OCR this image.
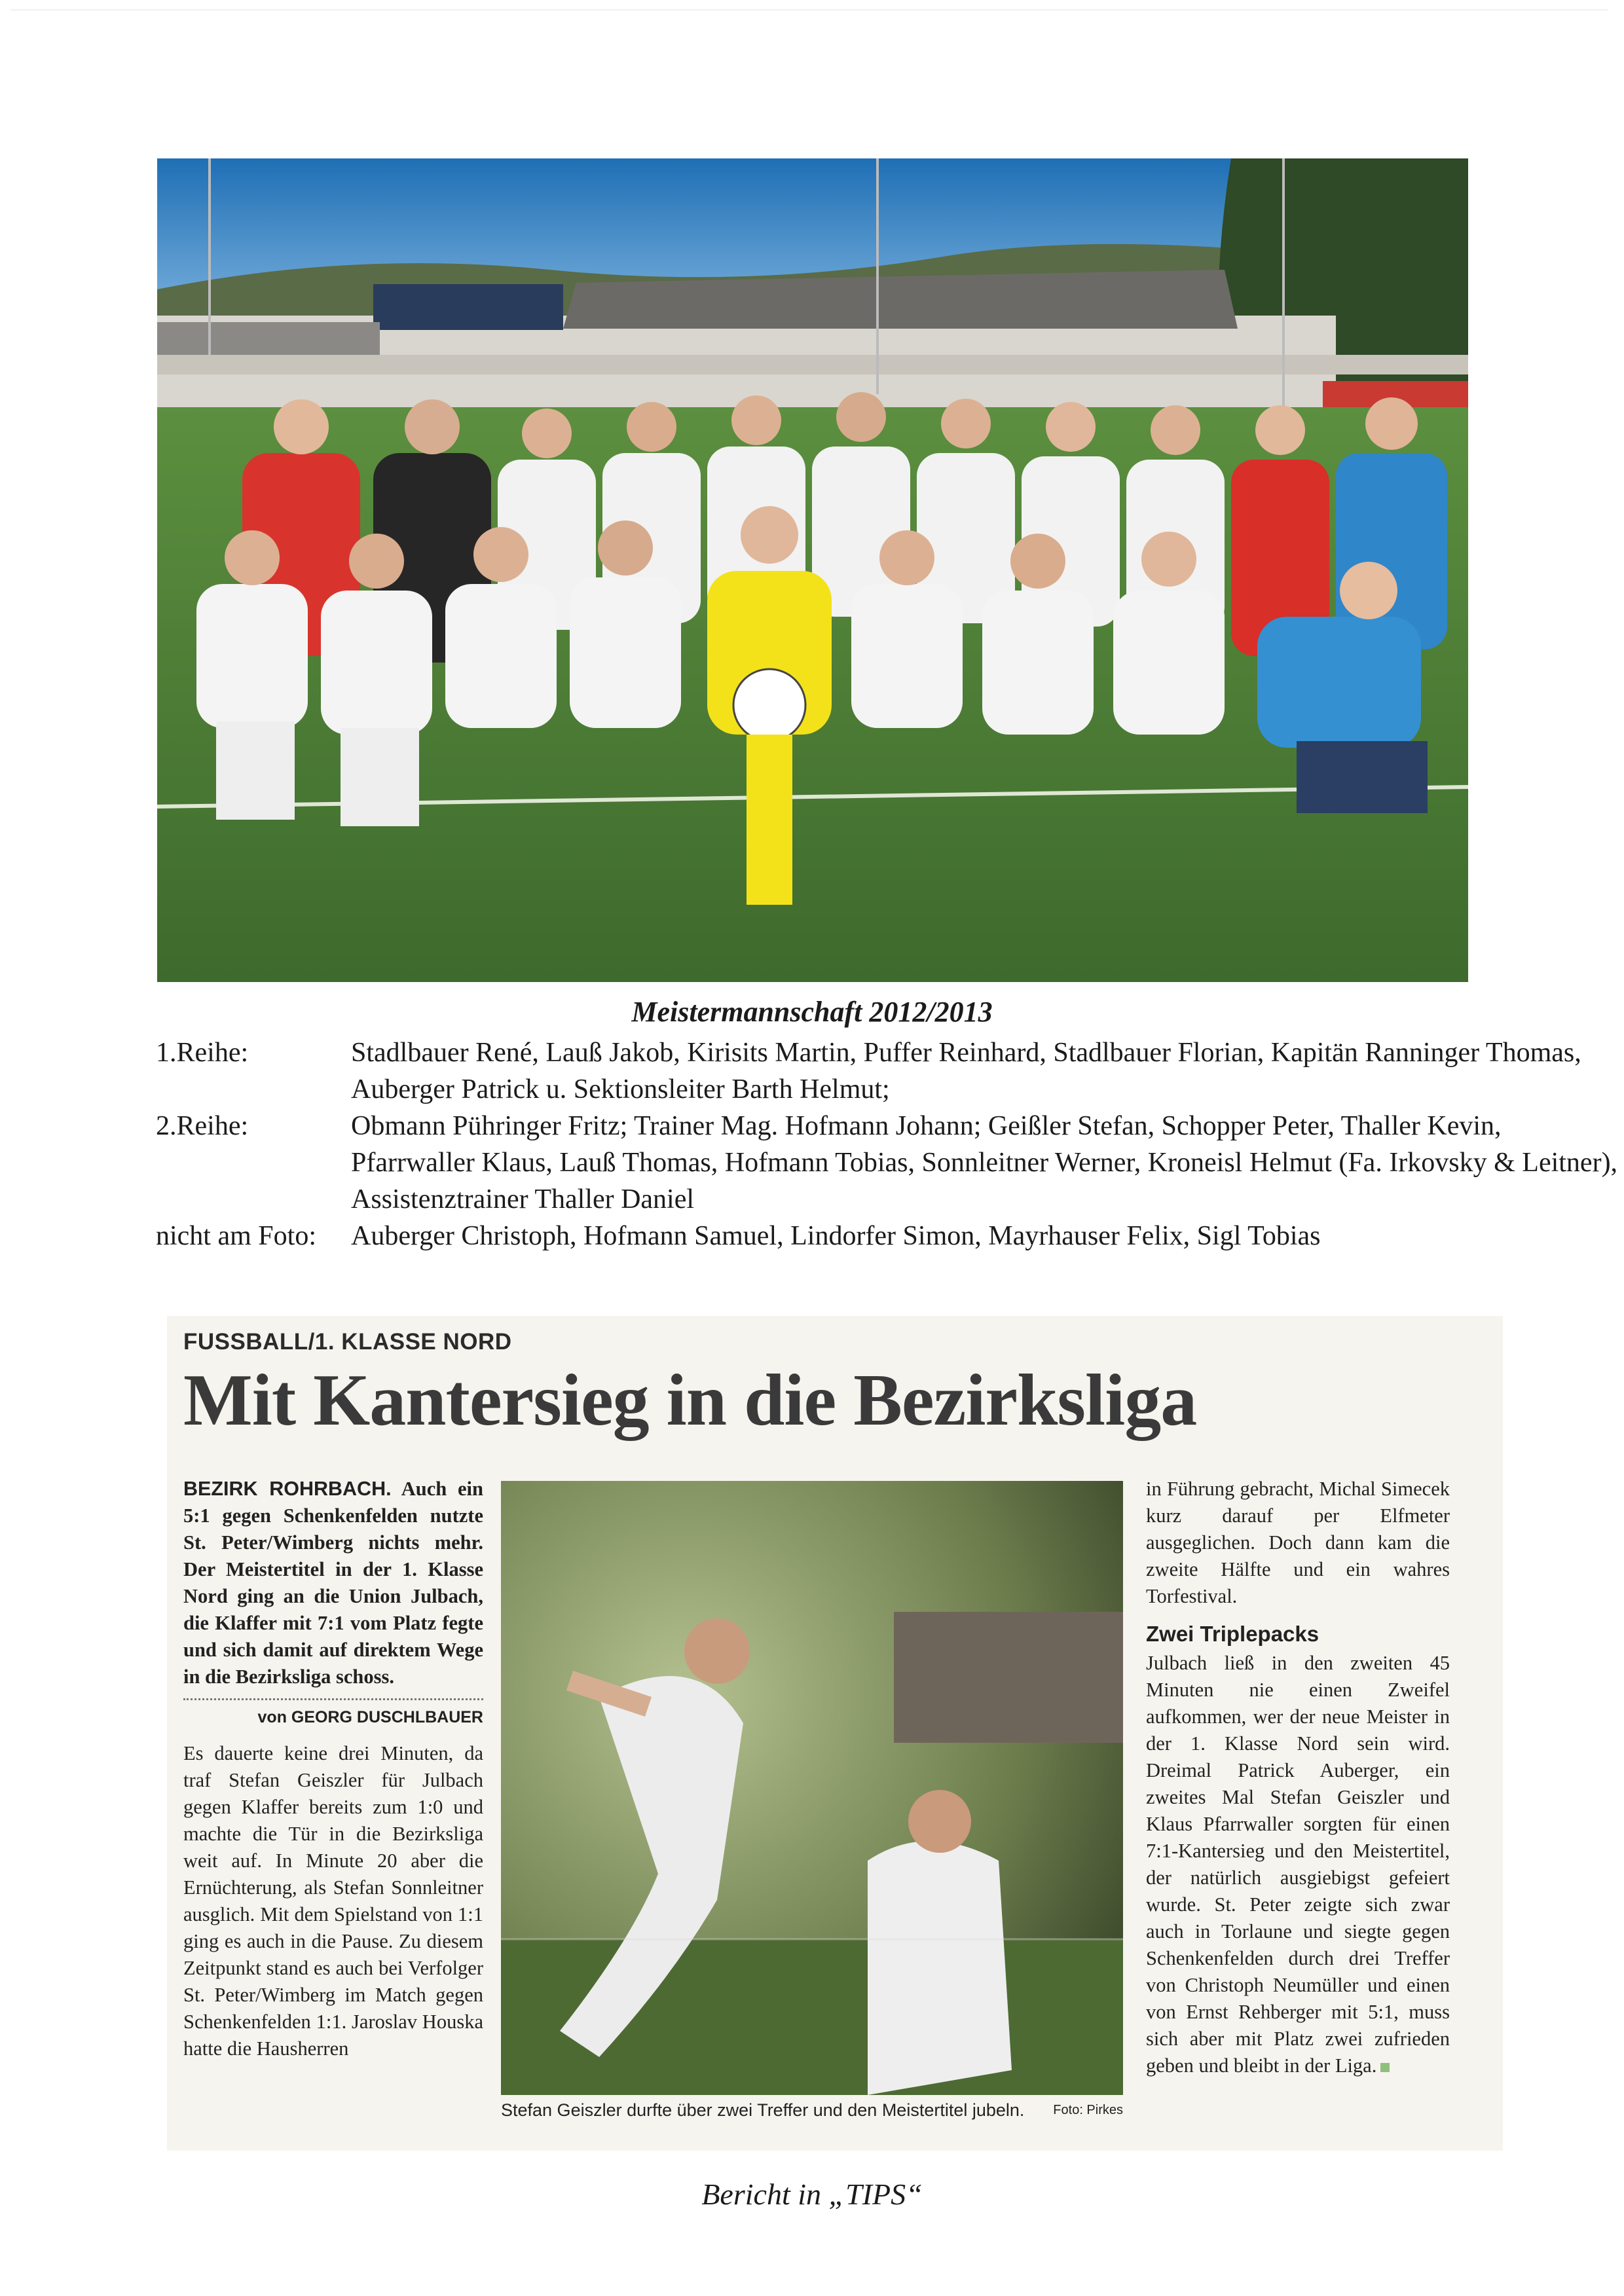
Meistermannschaft 2012/2013
1.Reihe:	Stadlbauer René, Lauß Jakob, Kirisits Martin, Puffer Reinhard, Stadlbauer Florian, Kapitän Ranninger Thomas, Auberger Patrick u. Sektionsleiter Barth Helmut;
2.Reihe:	Obmann Pühringer Fritz; Trainer Mag. Hofmann Johann; Geißler Stefan, Schopper Peter, Thaller Kevin, Pfarrwaller Klaus, Lauß Thomas, Hofmann Tobias, Sonnleitner Werner, Kroneisl Helmut (Fa. Irkovsky & Leitner), Assistenztrainer Thaller Daniel
nicht am Foto:	Auberger Christoph, Hofmann Samuel, Lindorfer Simon, Mayrhauser Felix, Sigl Tobias
FUSSBALL/1. KLASSE NORD
Mit Kantersieg in die Bezirksliga
BEZIRK ROHRBACH. Auch ein 5:1 gegen Schenkenfelden nutzte St. Peter/Wimberg nichts mehr. Der Meistertitel in der 1. Klasse Nord ging an die Union Julbach, die Klaffer mit 7:1 vom Platz fegte und sich damit auf direktem Wege in die Bezirksliga schoss.
von GEORG DUSCHLBAUER
Es dauerte keine drei Minuten, da traf Stefan Geiszler für Julbach gegen Klaffer bereits zum 1:0 und machte die Tür in die Bezirksliga weit auf. In Minute 20 aber die Ernüchterung, als Stefan Sonnleitner ausglich. Mit dem Spielstand von 1:1 ging es auch in die Pause. Zu diesem Zeitpunkt stand es auch bei Verfolger St. Peter/Wimberg im Match gegen Schenkenfelden 1:1. Jaroslav Houska hatte die Hausherren
Stefan Geiszler durfte über zwei Treffer und den Meistertitel jubeln. Foto: Pirkes
in Führung gebracht, Michal Simecek kurz darauf per Elfmeter ausgeglichen. Doch dann kam die zweite Hälfte und ein wahres Torfestival.
Zwei Triplepacks
Julbach ließ in den zweiten 45 Minuten nie einen Zweifel aufkommen, wer der neue Meister in der 1. Klasse Nord sein wird. Dreimal Patrick Auberger, ein zweites Mal Stefan Geiszler und Klaus Pfarrwaller sorgten für einen 7:1-Kantersieg und den Meistertitel, der natürlich ausgiebigst gefeiert wurde. St. Peter zeigte sich zwar auch in Torlaune und siegte gegen Schenkenfelden durch drei Treffer von Christoph Neumüller und einen von Ernst Rehberger mit 5:1, muss sich aber mit Platz zwei zufrieden geben und bleibt in der Liga.
Bericht in „TIPS“
